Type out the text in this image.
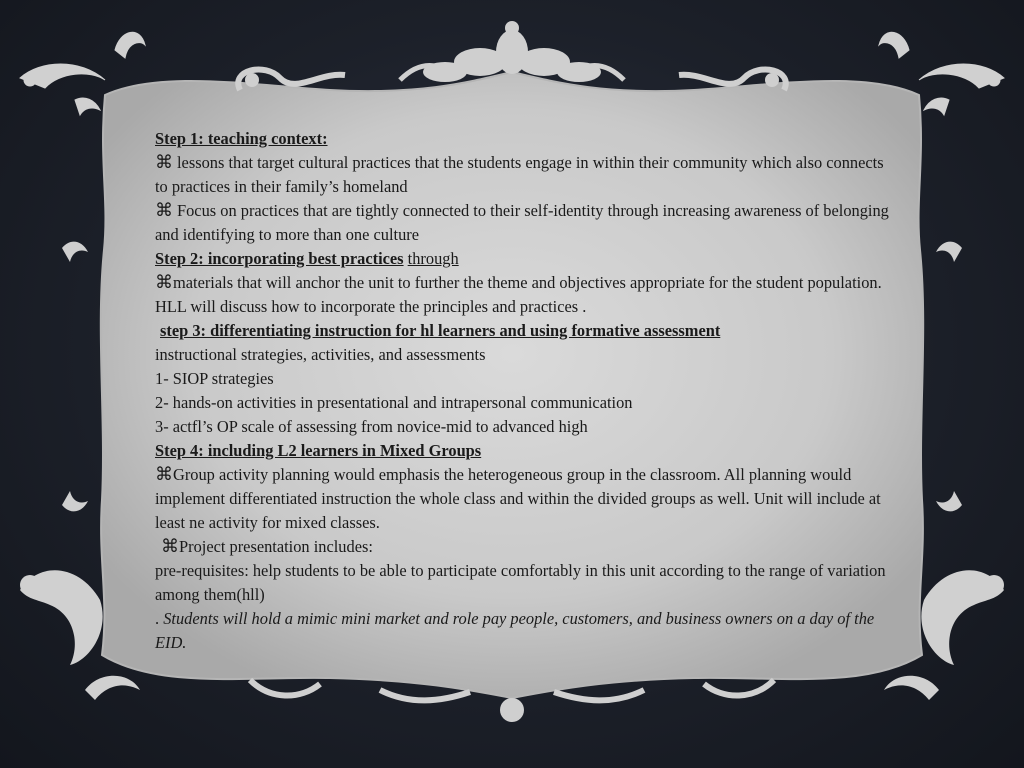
Step 1: teaching context:
⌘ lessons that target cultural practices that the students engage in within their community which also connects to practices in their family’s homeland
⌘ Focus on practices that are tightly connected to their self-identity through increasing awareness of belonging and identifying to more than one culture
Step 2: incorporating best practices through
⌘materials that will anchor the unit to further the theme and objectives appropriate for the student population. HLL will discuss how to incorporate the principles and practices .
step 3: differentiating instruction for hl learners and using formative assessment
instructional strategies, activities, and assessments
1- SIOP strategies
2- hands-on activities in presentational and intrapersonal communication
3- actfl’s OP scale of assessing from novice-mid to advanced high
Step 4: including L2 learners in Mixed Groups
⌘Group activity planning would emphasis the heterogeneous group in the classroom. All planning would implement differentiated instruction the whole class and within the divided groups as well. Unit will include at least ne activity for mixed classes.
⌘Project presentation includes:
pre-requisites: help students to be able to participate comfortably in this unit according to the range of variation among them(hll)
. Students will hold a mimic mini market and role pay people, customers, and business owners on a day of the EID.
